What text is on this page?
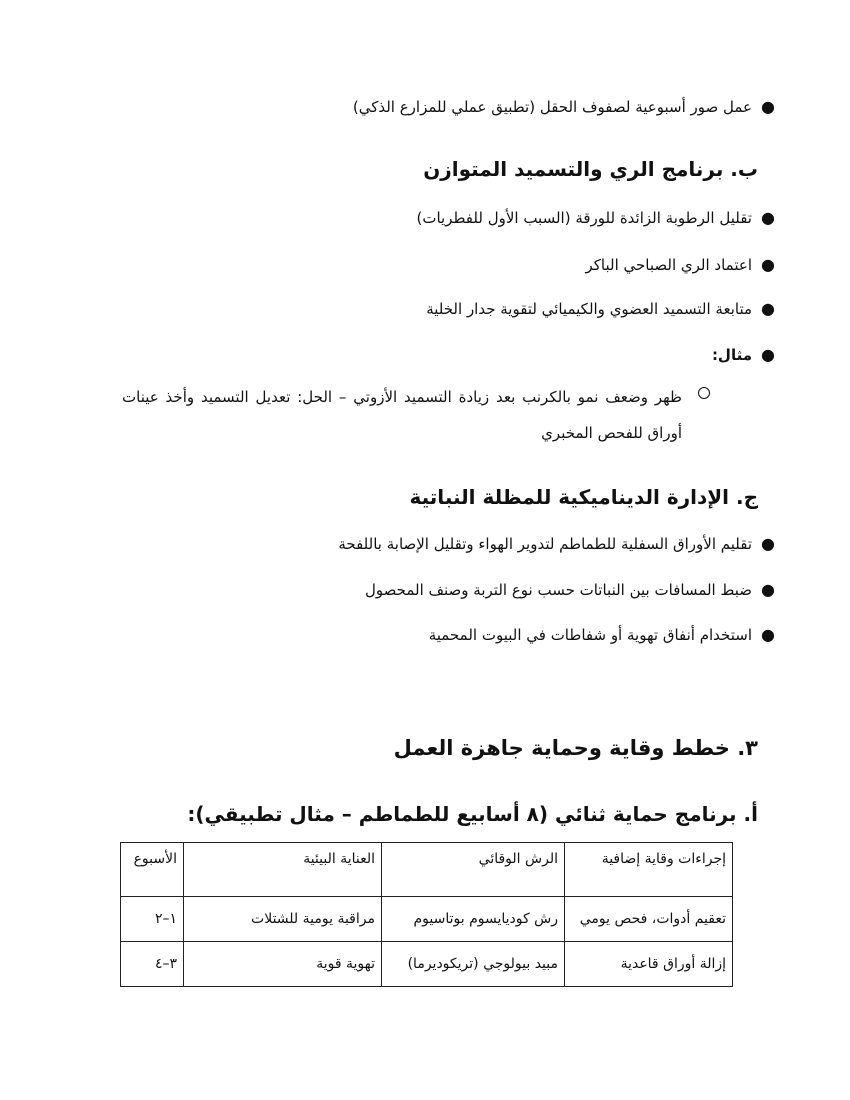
●
عمل صور أسبوعية لصفوف الحقل (تطبيق عملي للمزارع الذكي)
ب. برنامج الري والتسميد المتوازن
●
تقليل الرطوبة الزائدة للورقة (السبب الأول للفطريات)
●
اعتماد الري الصباحي الباكر
●
متابعة التسميد العضوي والكيميائي لتقوية جدار الخلية
●
مثال:
ظهر وضعف نمو بالكرنب بعد زيادة التسميد الأزوتي – الحل: تعديل التسميد وأخذ عينات أوراق للفحص المخبري
ج. الإدارة الديناميكية للمظلة النباتية
●
تقليم الأوراق السفلية للطماطم لتدوير الهواء وتقليل الإصابة باللفحة
●
ضبط المسافات بين النباتات حسب نوع التربة وصنف المحصول
●
استخدام أنفاق تهوية أو شفاطات في البيوت المحمية
٣. خطط وقاية وحماية جاهزة العمل
أ. برنامج حماية ثنائي (٨ أسابيع للطماطم – مثال تطبيقي):
إجراءات وقاية إضافية	الرش الوقائي	العناية البيئية	الأسبوع
تعقيم أدوات، فحص يومي	رش كوديايسوم بوتاسيوم	مراقبة يومية للشتلات	١–٢
إزالة أوراق قاعدية	مبيد بيولوجي (تريكوديرما)	تهوية قوية	٣–٤
